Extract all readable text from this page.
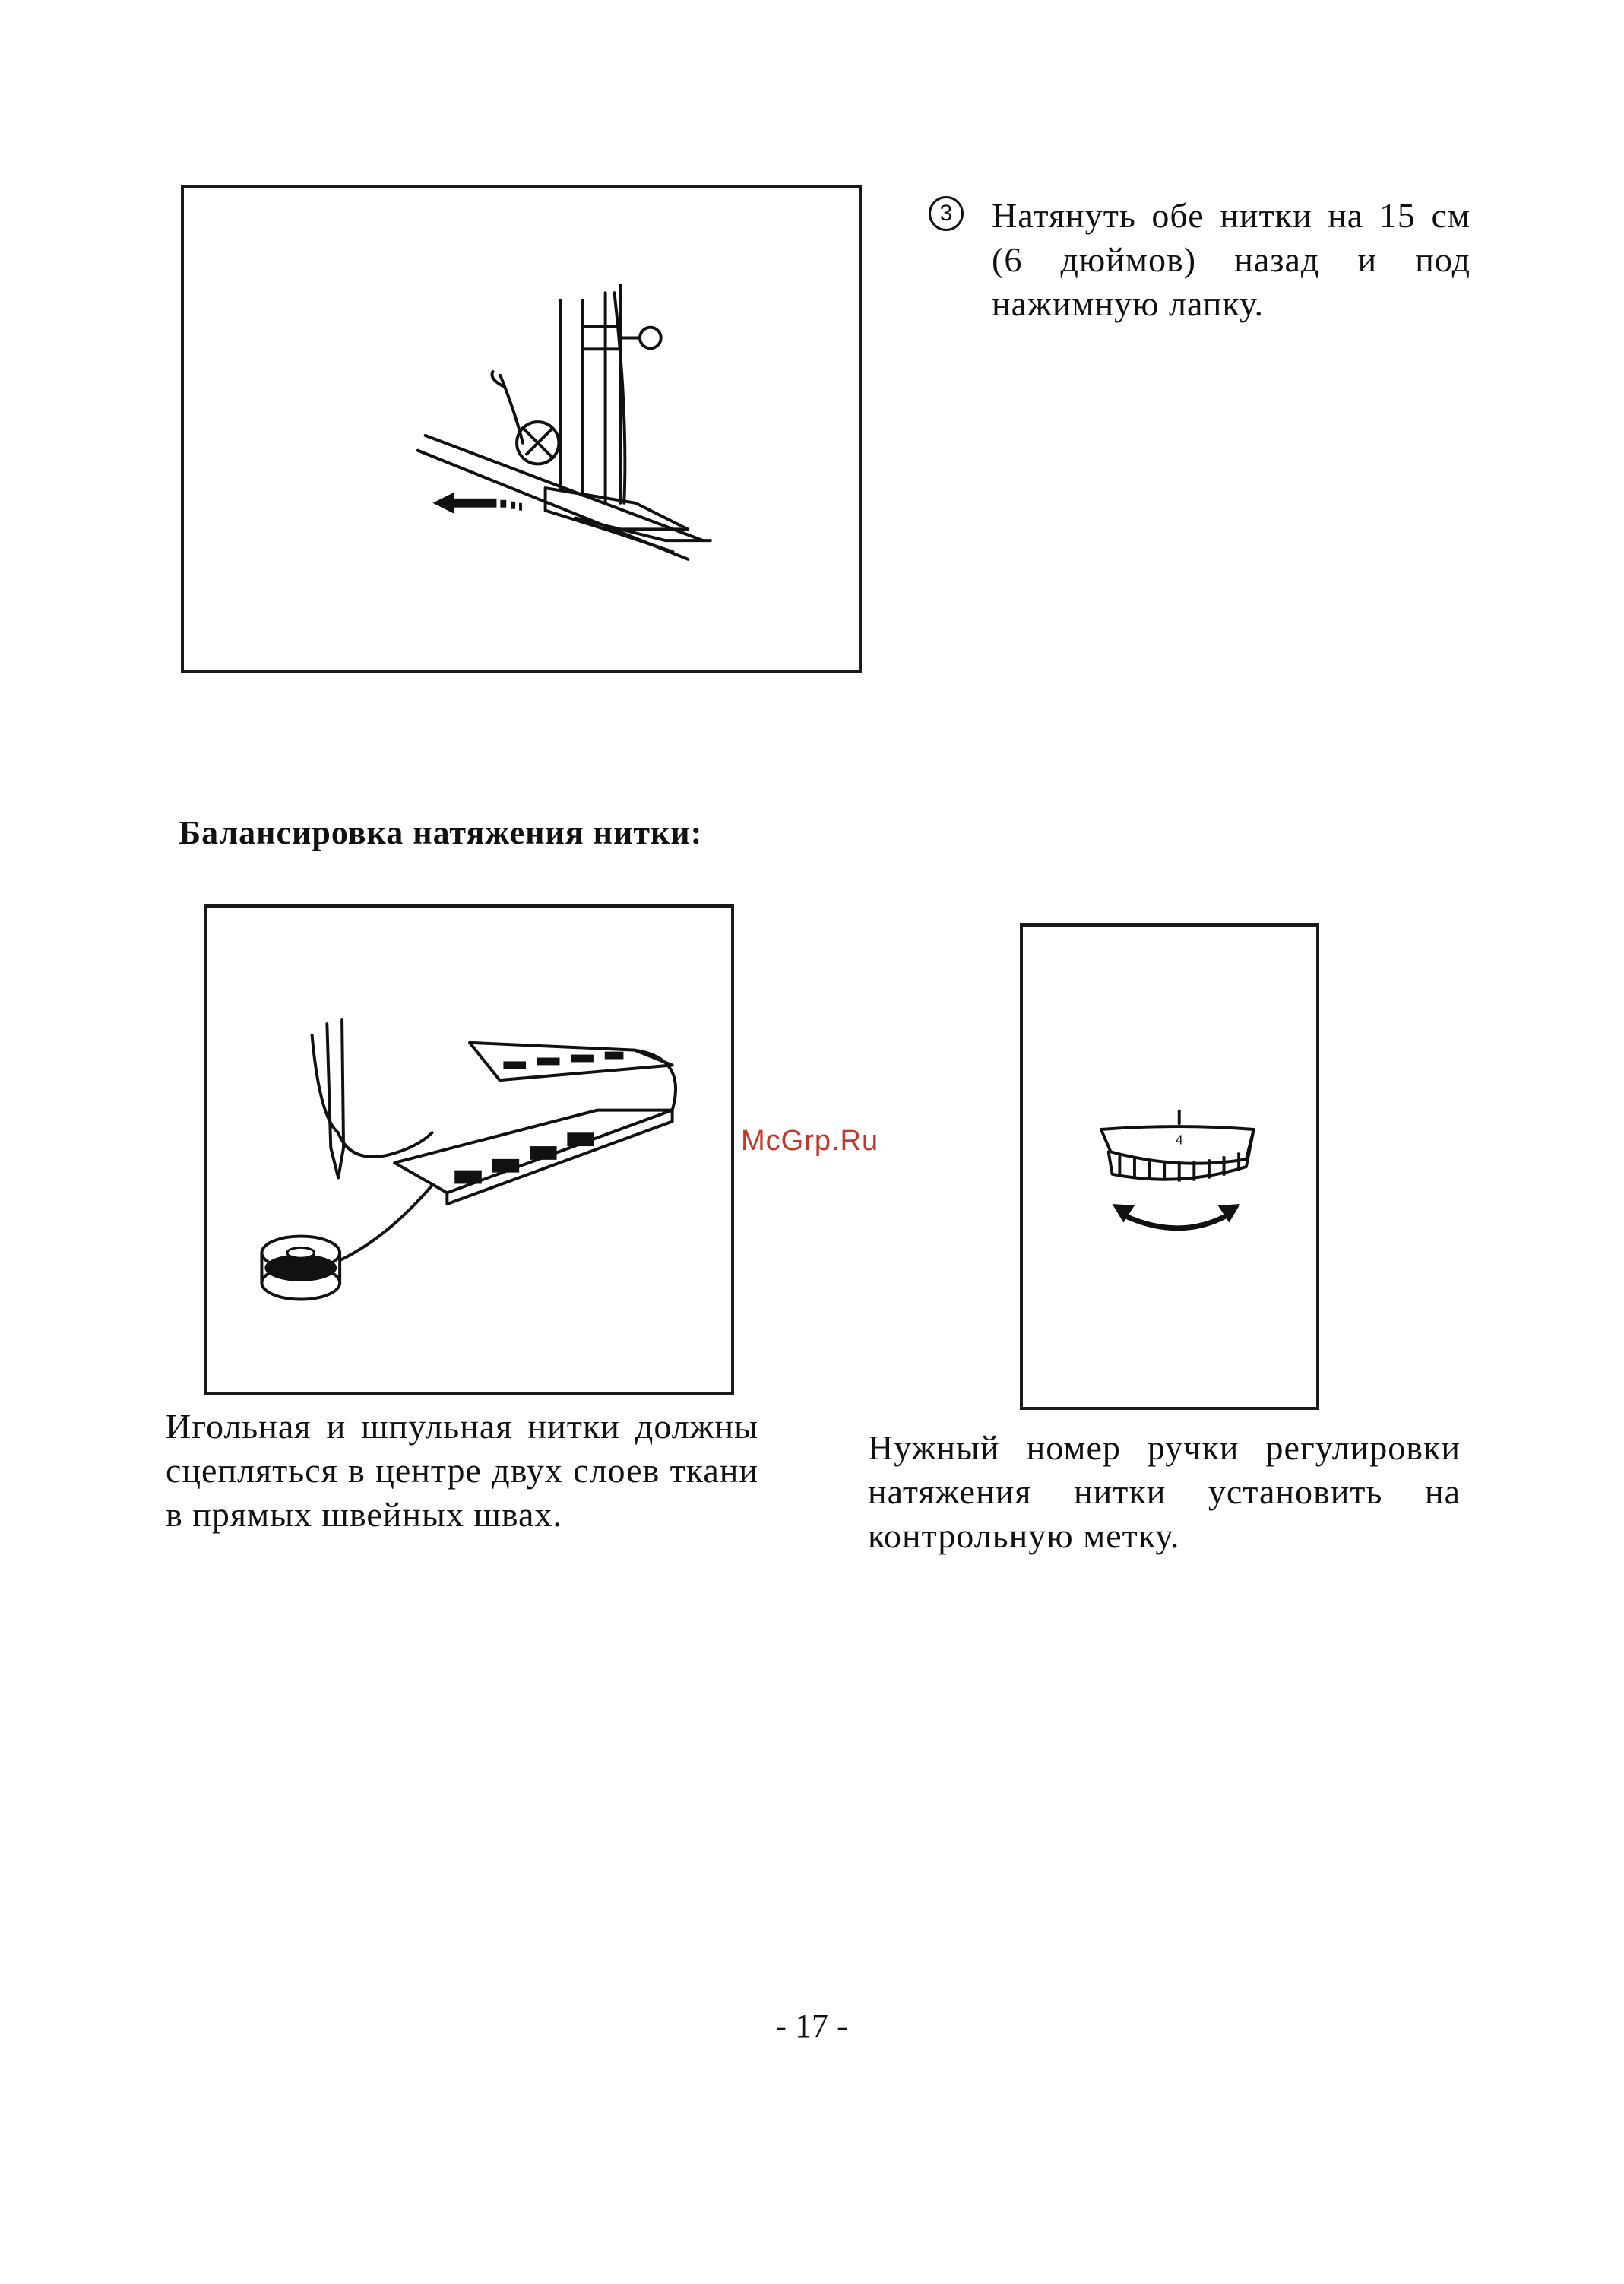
3	Натянуть обе нитки на 15 см (6 дюймов) назад и под нажимную лапку.
Балансировка натяжения нитки:
4
McGrp.Ru
Игольная и шпульная нитки должны сцепляться в центре двух слоев ткани в прямых швейных швах.
Нужный номер ручки регулировки натяжения нитки установить на контрольную метку.
- 17 -
